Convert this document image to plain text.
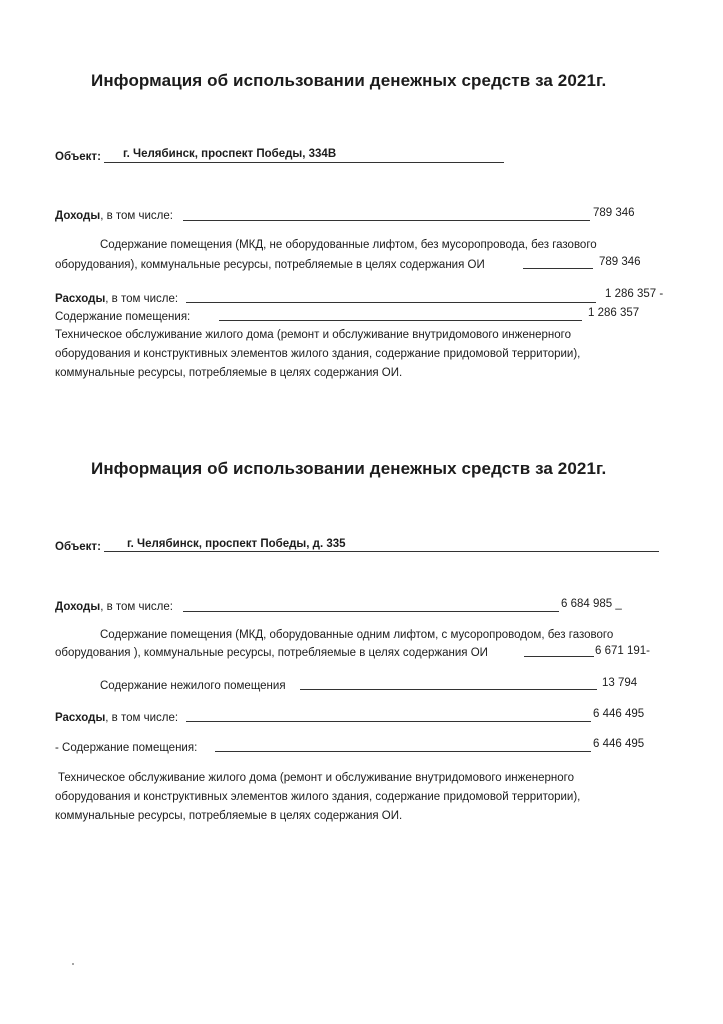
Информация об использовании денежных средств за 2021г.
Объект: г. Челябинск, проспект Победы, 334В
Доходы, в том числе:	789 346
Содержание помещения (МКД, не оборудованные лифтом, без мусоропровода, без газового
оборудования), коммунальные ресурсы, потребляемые в целях содержания ОИ	789 346
Расходы, в том числе:	1 286 357 -
Содержание помещения:	1 286 357
Техническое обслуживание жилого дома (ремонт и обслуживание внутридомового инженерного
оборудования и конструктивных элементов жилого здания, содержание придомовой территории),
коммунальные ресурсы, потребляемые в целях содержания ОИ.
Информация об использовании денежных средств за 2021г.
Объект: г. Челябинск, проспект Победы, д. 335
Доходы, в том числе:	6 684 985 _
Содержание помещения (МКД, оборудованные одним лифтом, с мусоропроводом, без газового
оборудования ), коммунальные ресурсы, потребляемые в целях содержания ОИ	6 671 191-
Содержание нежилого помещения	13 794
Расходы, в том числе:	6 446 495
- Содержание помещения:	6 446 495
Техническое обслуживание жилого дома (ремонт и обслуживание внутридомового инженерного
оборудования и конструктивных элементов жилого здания, содержание придомовой территории),
коммунальные ресурсы, потребляемые в целях содержания ОИ.
